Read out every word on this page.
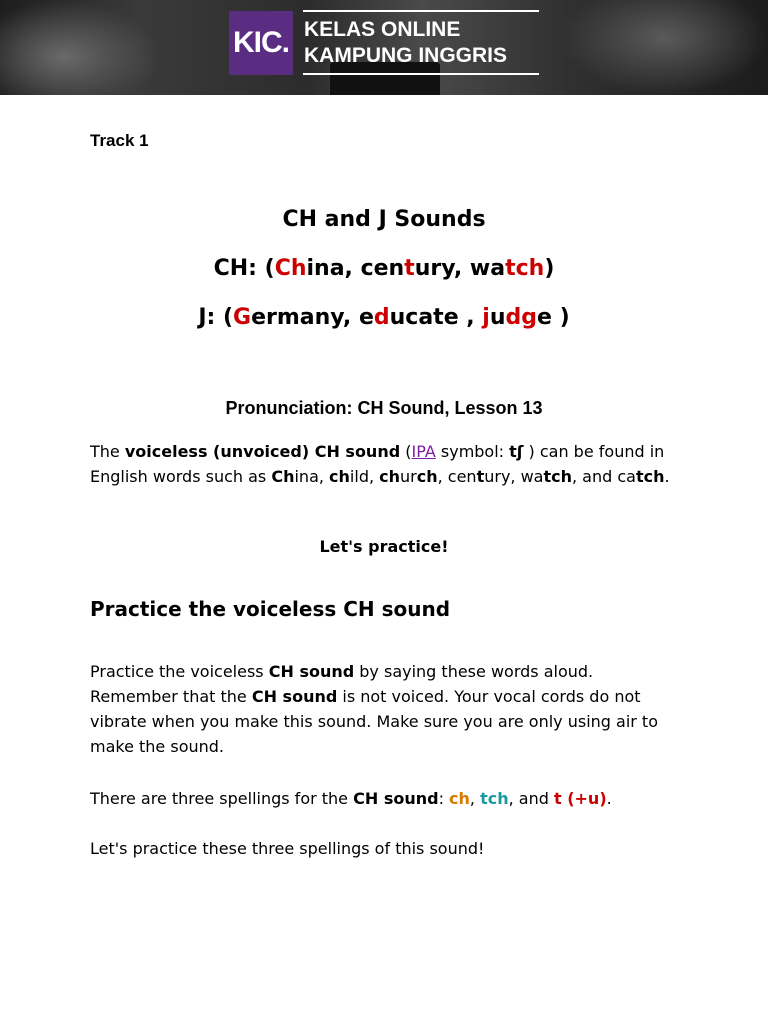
KIC. KELAS ONLINE
KAMPUNG INGGRIS
Track 1
CH and J Sounds
CH: (China, century, watch)
J: (Germany, educate , judge )
Pronunciation: CH Sound, Lesson 13
The voiceless (unvoiced) CH sound (IPA symbol: tʃ ) can be found in English words such as China, child, church, century, watch, and catch.
Let's practice!
Practice the voiceless CH sound
Practice the voiceless CH sound by saying these words aloud. Remember that the CH sound is not voiced. Your vocal cords do not vibrate when you make this sound. Make sure you are only using air to make the sound.
There are three spellings for the CH sound: ch, tch, and t (+u).
Let's practice these three spellings of this sound!
